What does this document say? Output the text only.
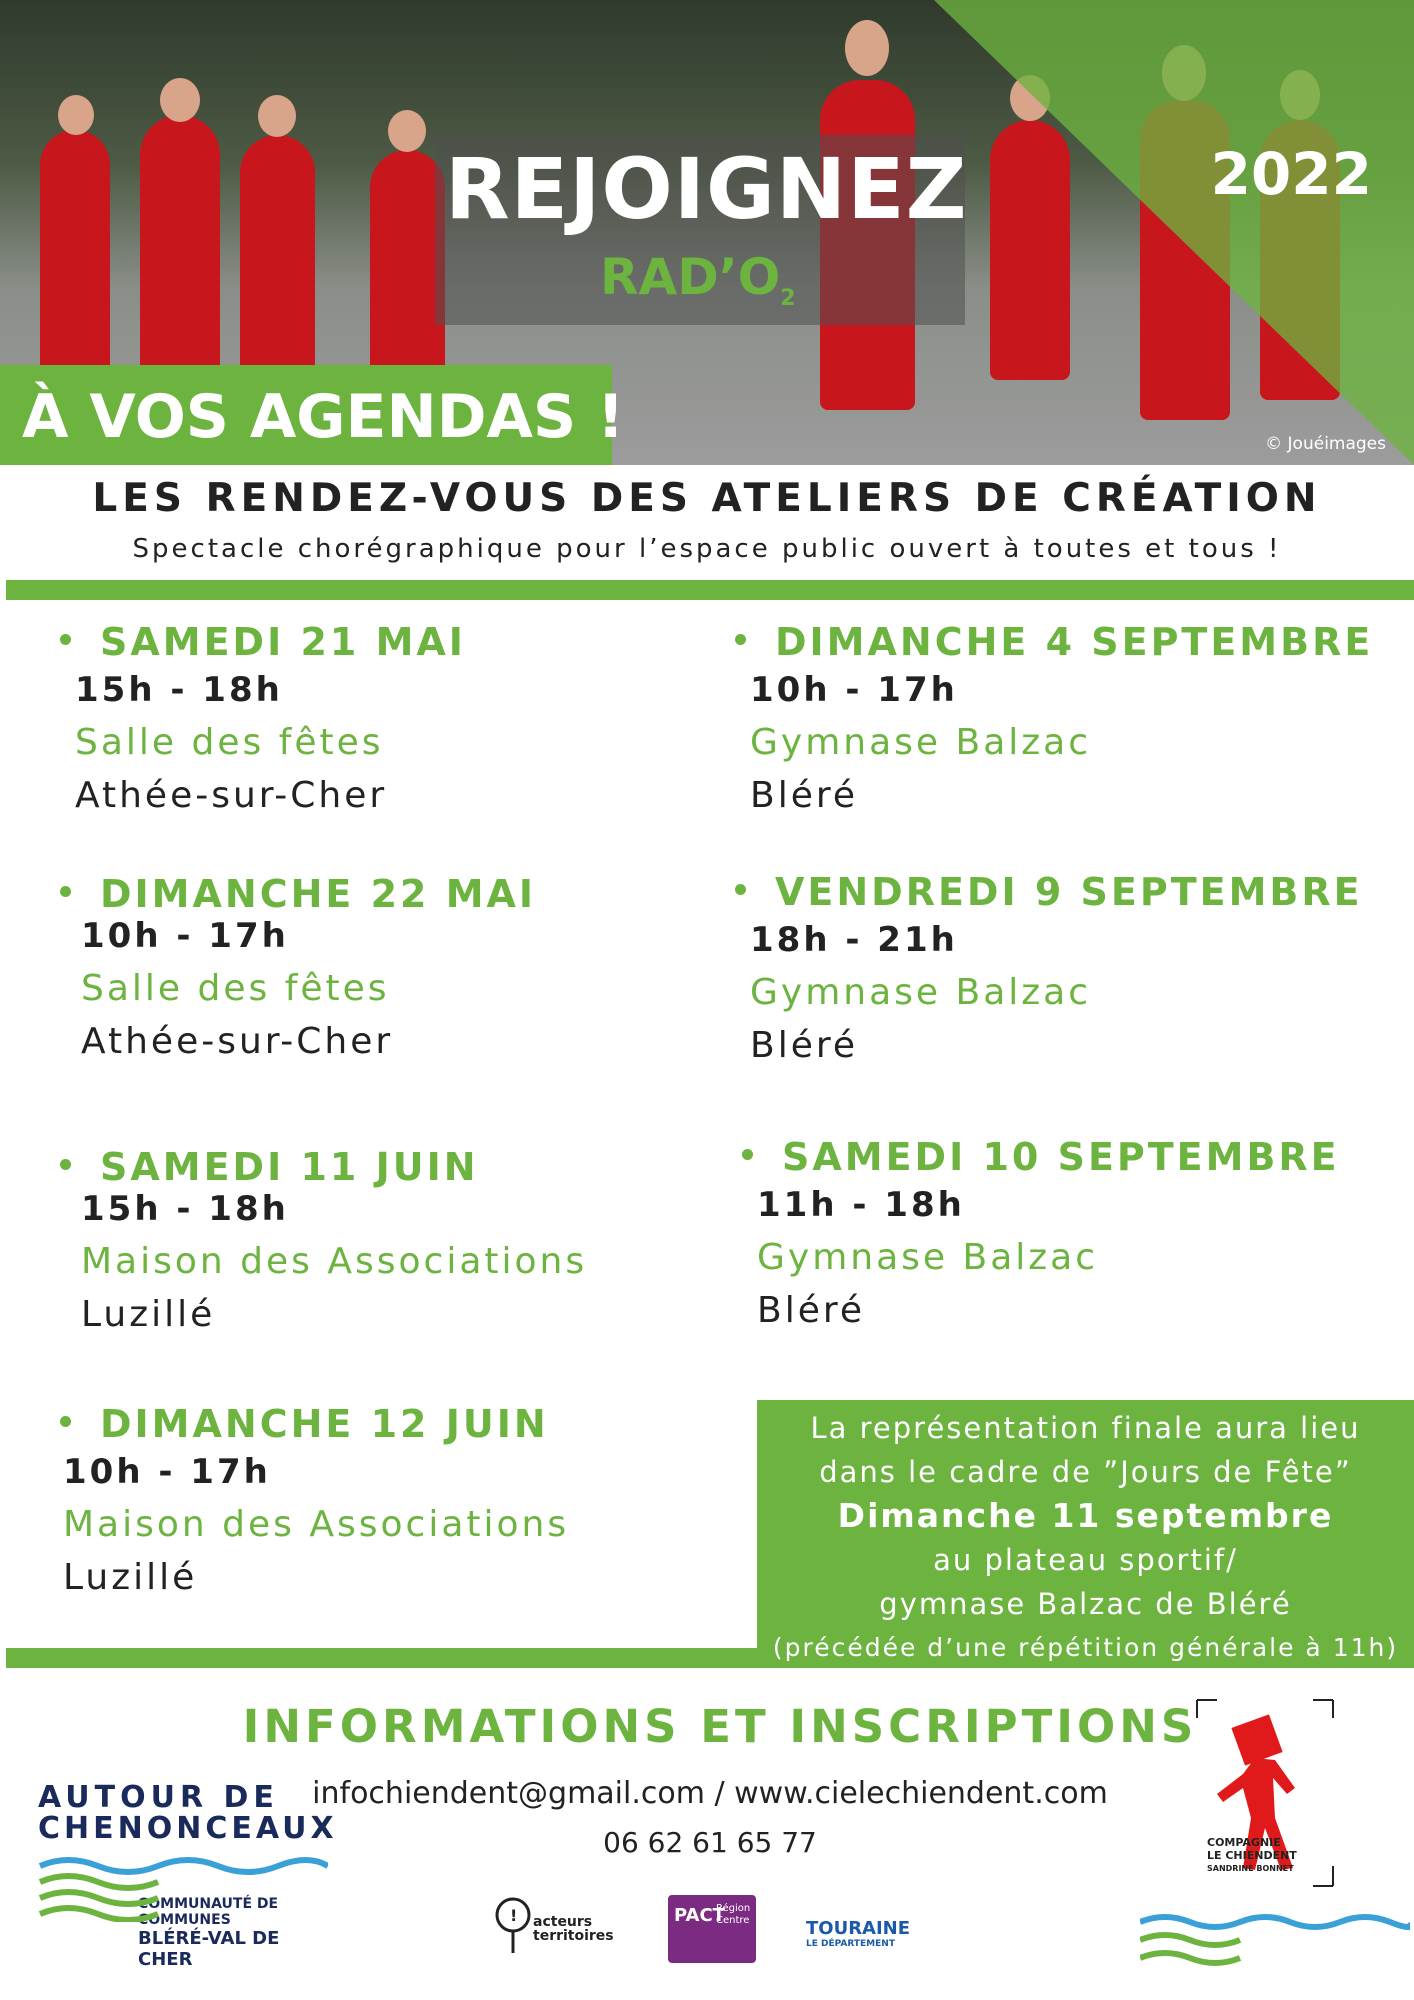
REJOIGNEZ
$RAD’O_2$
2022
À VOS AGENDAS !	© Jouéimages
LES RENDEZ-VOUS DES ATELIERS DE CRÉATION
Spectacle chorégraphique pour l’espace public ouvert à toutes et tous !
SAMEDI 21 MAI
15h - 18h
Salle des fêtes
Athée-sur-Cher
DIMANCHE 22 MAI
10h - 17h
Salle des fêtes
Athée-sur-Cher
SAMEDI 11 JUIN
15h - 18h
Maison des Associations
Luzillé
DIMANCHE 12 JUIN
10h - 17h
Maison des Associations
Luzillé
DIMANCHE 4 SEPTEMBRE
10h - 17h
Gymnase Balzac
Bléré
VENDREDI 9 SEPTEMBRE
18h - 21h
Gymnase Balzac
Bléré
SAMEDI 10 SEPTEMBRE
11h - 18h
Gymnase Balzac
Bléré
La représentation finale aura lieu
dans le cadre de ”Jours de Fête”
Dimanche 11 septembre
au plateau sportif/
gymnase Balzac de Bléré
(précédée d’une répétition générale à 11h)
INFORMATIONS ET INSCRIPTIONS
infochiendent@gmail.com / www.cielechiendent.com
06 62 61 65 77
AUTOUR DE
CHENONCEAUX
COMMUNAUTÉ DE COMMUNES
BLÉRÉ-VAL DE CHER
COMPAGNIE
LE CHIENDENT
SANDRINE BONNET
! acteurs
territoires
PACT
Région Centre	TOURAINE
LE DÉPARTEMENT
